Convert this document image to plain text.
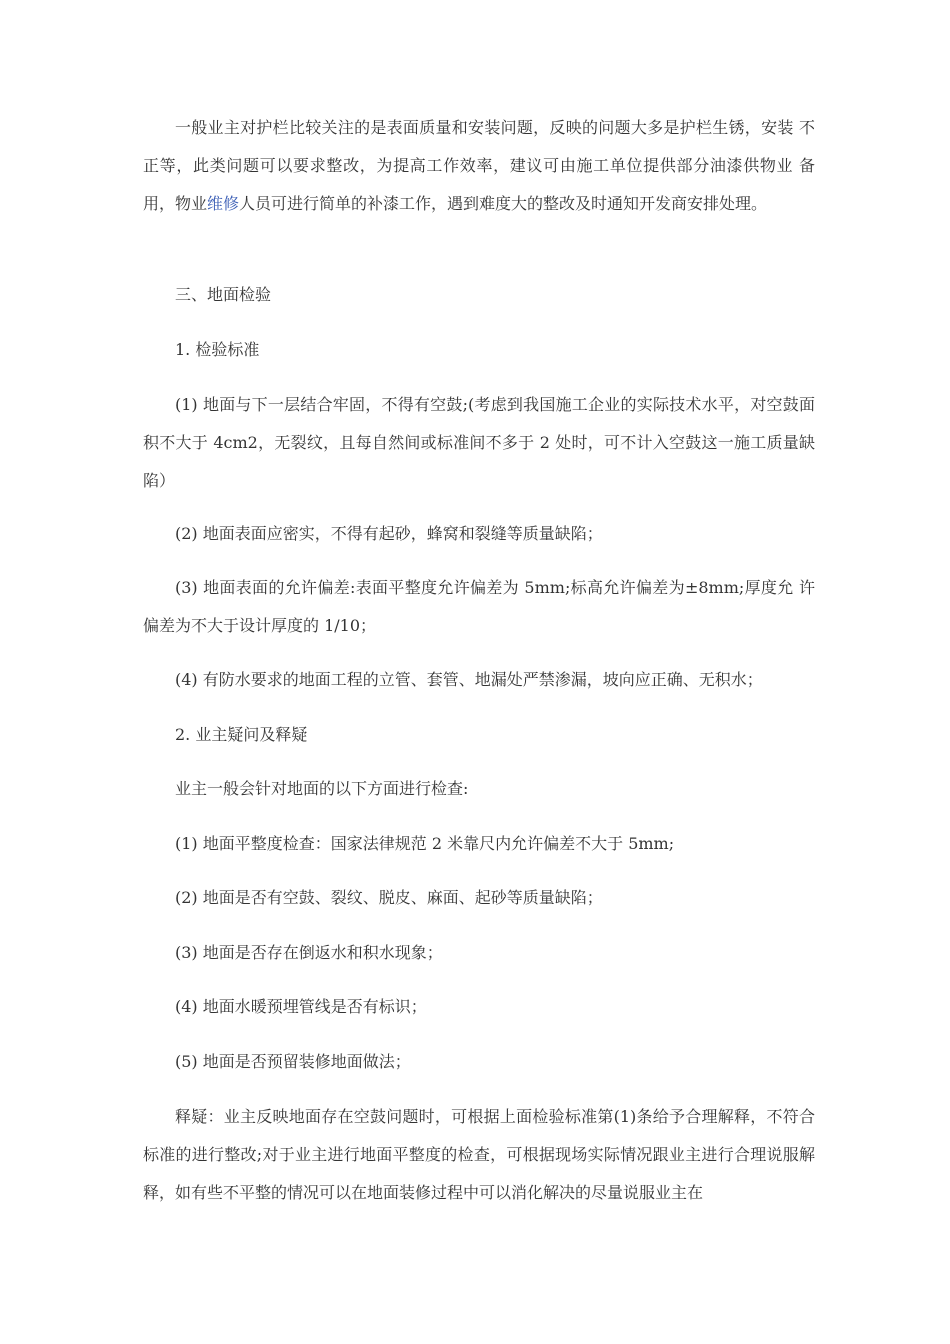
一般业主对护栏比较关注的是表面质量和安装问题，反映的问题大多是护栏生锈，安装 不正等，此类问题可以要求整改，为提高工作效率，建议可由施工单位提供部分油漆供物业 备用，物业维修人员可进行简单的补漆工作，遇到难度大的整改及时通知开发商安排处理。

三、地面检验

1. 检验标准

(1) 地面与下一层结合牢固，不得有空鼓;(考虑到我国施工企业的实际技术水平，对空鼓面积不大于 4cm2，无裂纹，且每自然间或标准间不多于 2 处时，可不计入空鼓这一施工质量缺陷）

(2) 地面表面应密实，不得有起砂，蜂窝和裂缝等质量缺陷；

(3) 地面表面的允许偏差:表面平整度允许偏差为 5mm;标高允许偏差为±8mm;厚度允 许偏差为不大于设计厚度的 1/10；

(4) 有防水要求的地面工程的立管、套管、地漏处严禁渗漏，坡向应正确、无积水；

2. 业主疑问及释疑

业主一般会针对地面的以下方面进行检查:

(1) 地面平整度检查：国家法律规范 2 米靠尺内允许偏差不大于 5mm;

(2) 地面是否有空鼓、裂纹、脱皮、麻面、起砂等质量缺陷；

(3) 地面是否存在倒返水和积水现象；

(4) 地面水暖预埋管线是否有标识；

(5) 地面是否预留装修地面做法；

释疑：业主反映地面存在空鼓问题时，可根据上面检验标准第(1)条给予合理解释，不符合标准的进行整改;对于业主进行地面平整度的检查，可根据现场实际情况跟业主进行合理说服解释，如有些不平整的情况可以在地面装修过程中可以消化解决的尽量说服业主在
